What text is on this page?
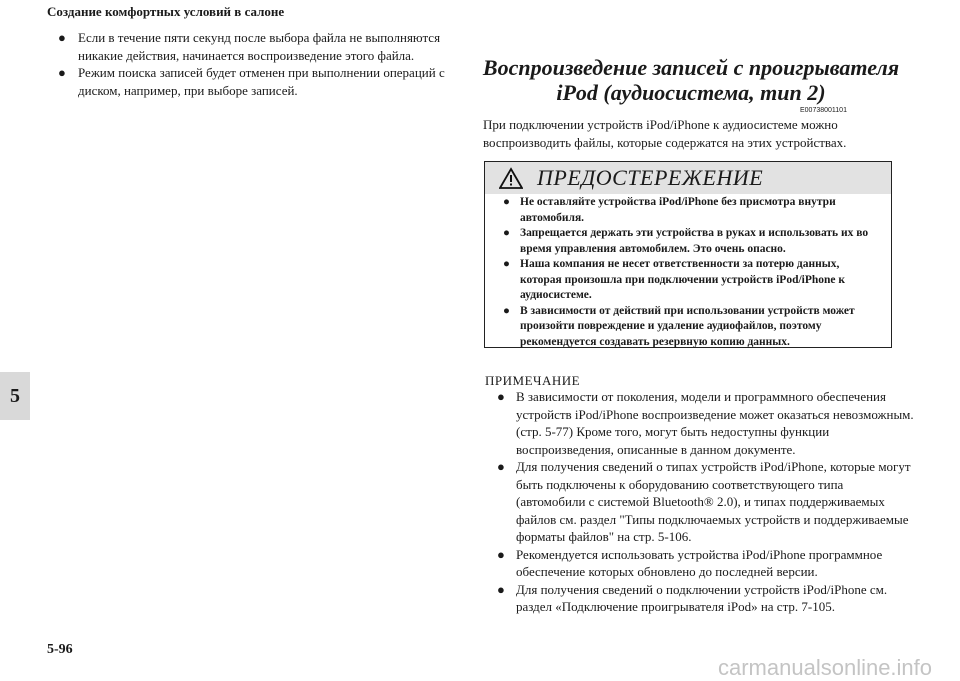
Создание комфортных условий в салоне
5
● Если в течение пяти секунд после выбора файла не выполняются никакие действия, начинается воспроизведение этого файла.
● Режим поиска записей будет отменен при выполнении операций с диском, например, при выборе записей.
Воспроизведение записей с проигрывателя
iPod (аудиосистема, тип 2)
E00738001101
При подключении устройств iPod/iPhone к аудиосистеме можно воспроизводить файлы, которые содержатся на этих устройствах.
ПРЕДОСТЕРЕЖЕНИЕ
● Не оставляйте устройства iPod/iPhone без присмотра внутри автомобиля.
● Запрещается держать эти устройства в руках и использовать их во время управления автомобилем. Это очень опасно.
● Наша компания не несет ответственности за потерю данных, которая произошла при подключении устройств iPod/iPhone к аудиосистеме.
● В зависимости от действий при использовании устройств может произойти повреждение и удаление аудиофайлов, поэтому рекомендуется создавать резервную копию данных.
ПРИМЕЧАНИЕ
● В зависимости от поколения, модели и программного обеспечения устройств iPod/iPhone воспроизведение может оказаться невозможным. (стр. 5-77) Кроме того, могут быть недоступны функции воспроизведения, описанные в данном документе.
● Для получения сведений о типах устройств iPod/iPhone, которые могут быть подключены к оборудованию соответствующего типа (автомобили с системой Bluetooth® 2.0), и типах поддерживаемых файлов см. раздел "Типы подключаемых устройств и поддерживаемые форматы файлов" на стр. 5-106.
● Рекомендуется использовать устройства iPod/iPhone программное обеспечение которых обновлено до последней версии.
● Для получения сведений о подключении устройств iPod/iPhone см. раздел «Подключение проигрывателя iPod» на стр. 7-105.
5-96
carmanualsonline.info
